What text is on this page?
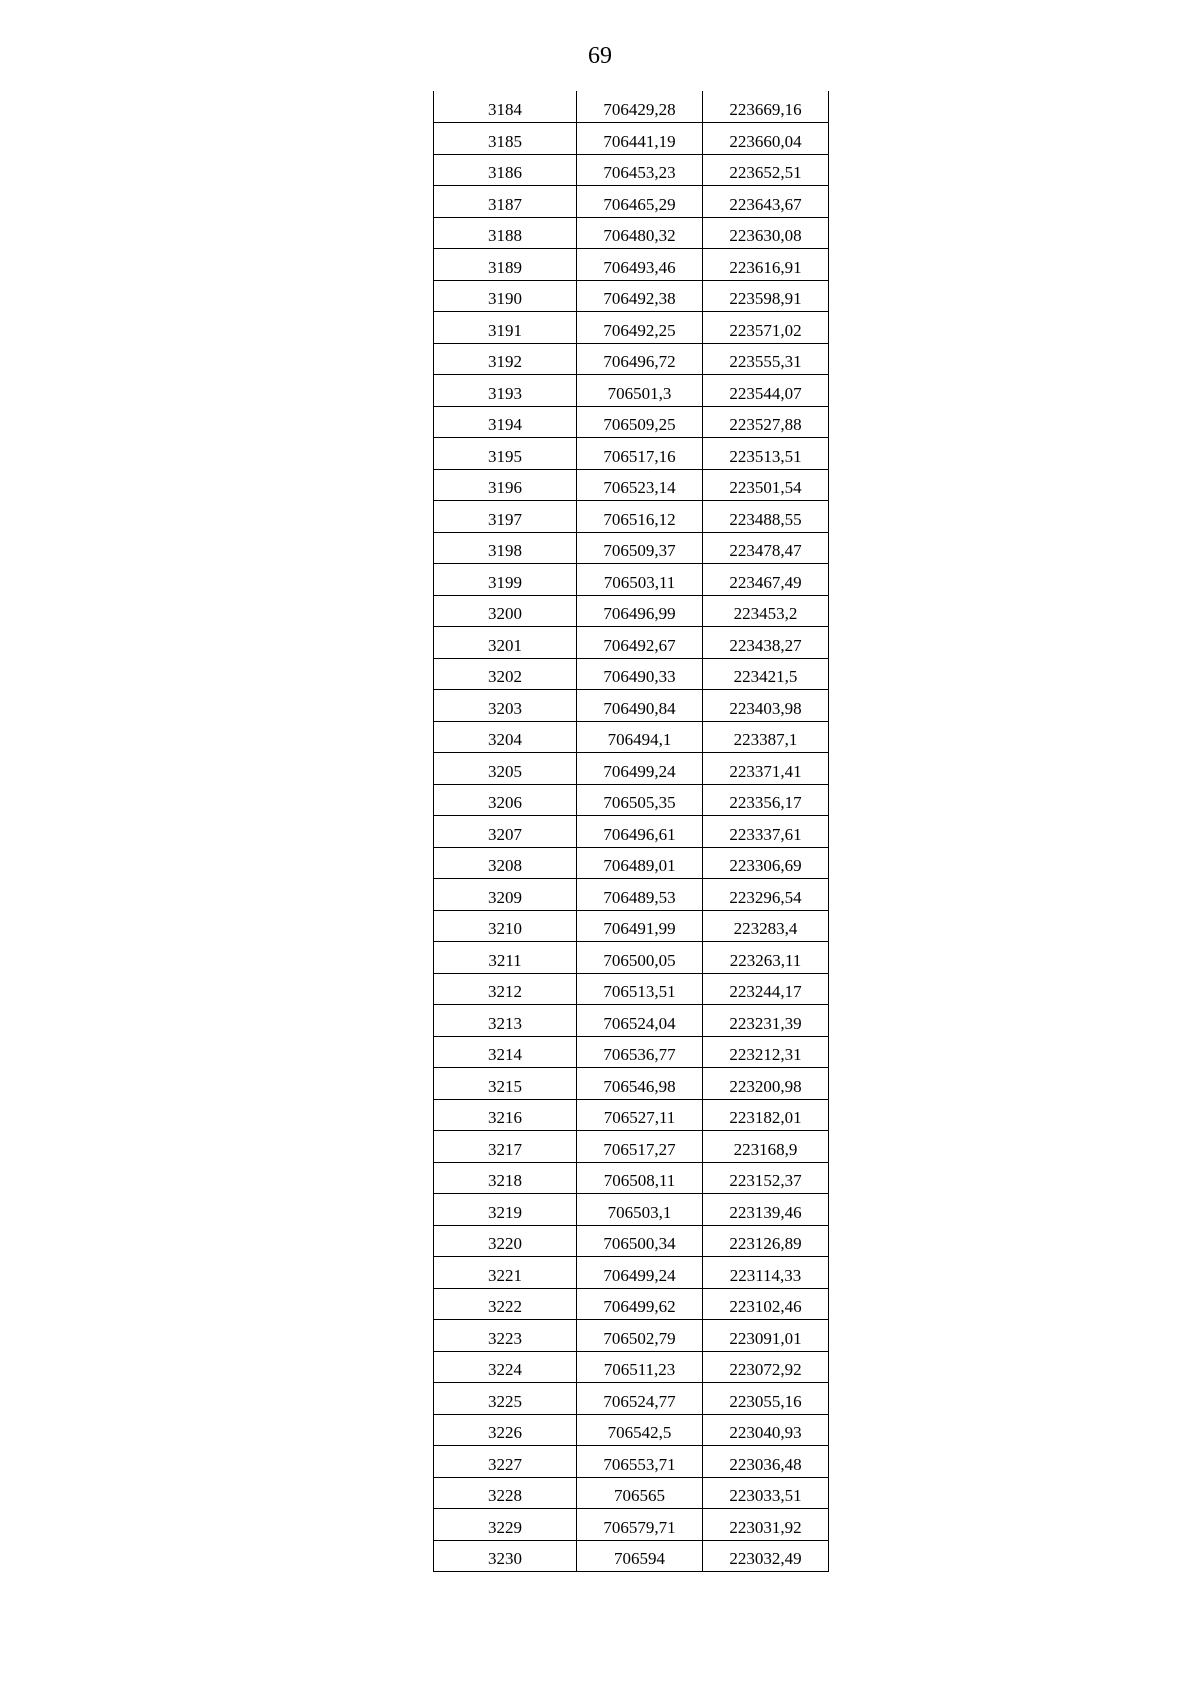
69
3184	706429,28	223669,16
3185	706441,19	223660,04
3186	706453,23	223652,51
3187	706465,29	223643,67
3188	706480,32	223630,08
3189	706493,46	223616,91
3190	706492,38	223598,91
3191	706492,25	223571,02
3192	706496,72	223555,31
3193	706501,3	223544,07
3194	706509,25	223527,88
3195	706517,16	223513,51
3196	706523,14	223501,54
3197	706516,12	223488,55
3198	706509,37	223478,47
3199	706503,11	223467,49
3200	706496,99	223453,2
3201	706492,67	223438,27
3202	706490,33	223421,5
3203	706490,84	223403,98
3204	706494,1	223387,1
3205	706499,24	223371,41
3206	706505,35	223356,17
3207	706496,61	223337,61
3208	706489,01	223306,69
3209	706489,53	223296,54
3210	706491,99	223283,4
3211	706500,05	223263,11
3212	706513,51	223244,17
3213	706524,04	223231,39
3214	706536,77	223212,31
3215	706546,98	223200,98
3216	706527,11	223182,01
3217	706517,27	223168,9
3218	706508,11	223152,37
3219	706503,1	223139,46
3220	706500,34	223126,89
3221	706499,24	223114,33
3222	706499,62	223102,46
3223	706502,79	223091,01
3224	706511,23	223072,92
3225	706524,77	223055,16
3226	706542,5	223040,93
3227	706553,71	223036,48
3228	706565	223033,51
3229	706579,71	223031,92
3230	706594	223032,49
